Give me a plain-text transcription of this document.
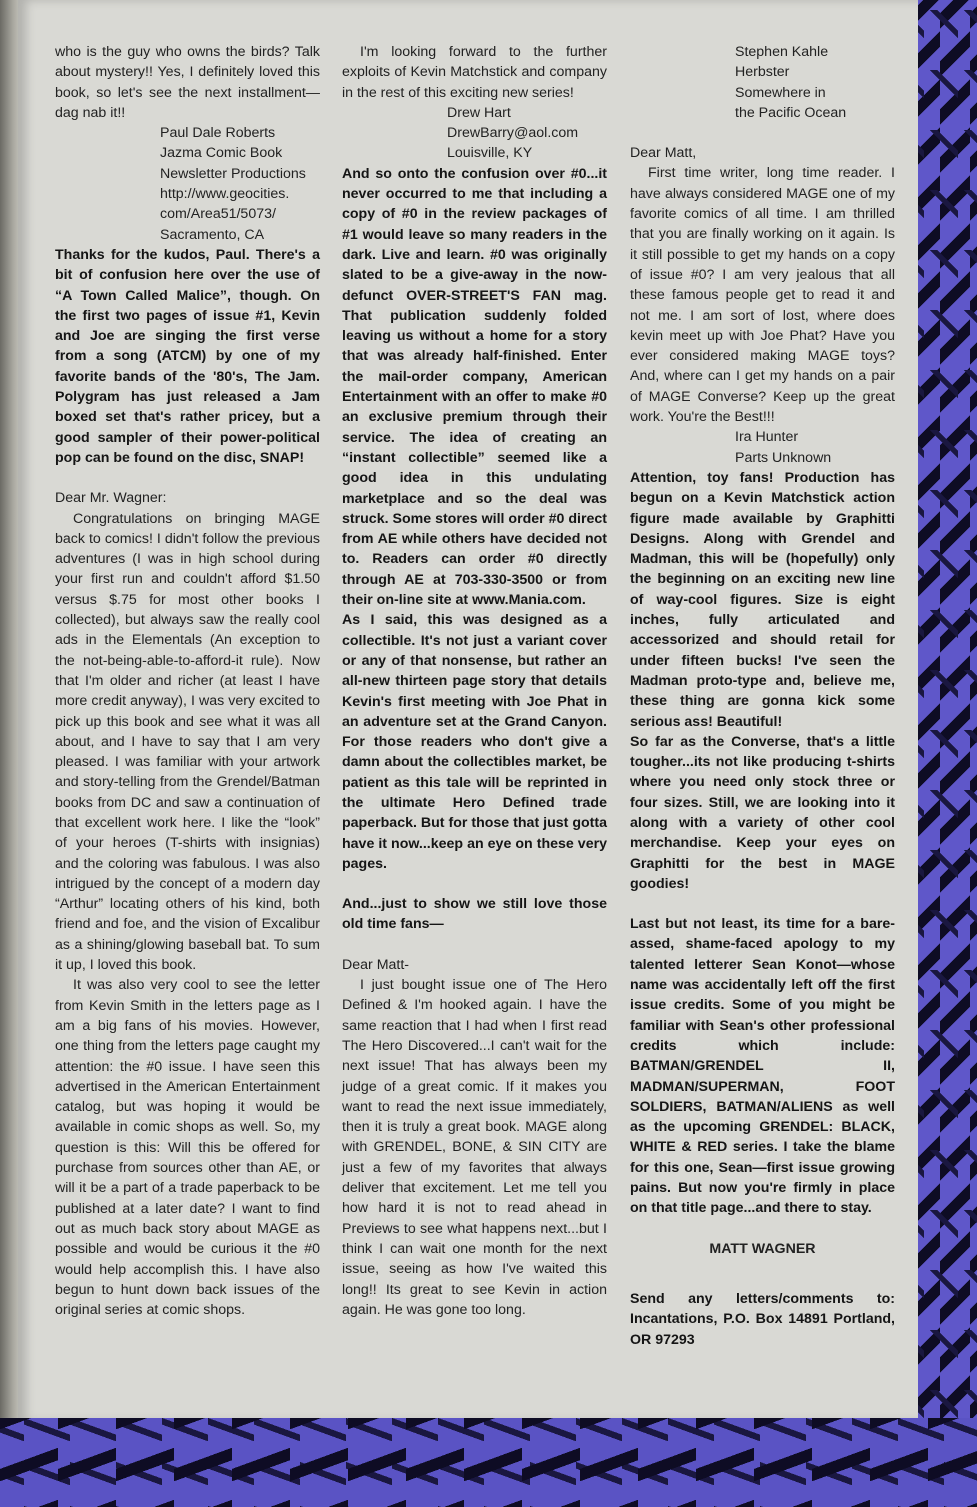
who is the guy who owns the birds? Talk about mystery!! Yes, I definitely loved this book, so let's see the next installment—dag nab it!!

Paul Dale Roberts

Jazma Comic Book

Newsletter Productions

http://www.geocities.

com/Area51/5073/

Sacramento, CA

Thanks for the kudos, Paul. There's a bit of confusion here over the use of “A Town Called Malice”, though. On the first two pages of issue #1, Kevin and Joe are singing the first verse from a song (ATCM) by one of my favorite bands of the '80's, The Jam. Polygram has just released a Jam boxed set that's rather pricey, but a good sampler of their power-political pop can be found on the disc, SNAP!

Dear Mr. Wagner:

Congratulations on bringing MAGE back to comics! I didn't follow the previous adventures (I was in high school during your first run and couldn't afford $1.50 versus $.75 for most other books I collected), but always saw the really cool ads in the Elementals (An exception to the not-being-able-to-afford-it rule). Now that I'm older and richer (at least I have more credit anyway), I was very excited to pick up this book and see what it was all about, and I have to say that I am very pleased. I was familiar with your artwork and story-telling from the Grendel/Batman books from DC and saw a continuation of that excellent work here. I like the “look” of your heroes (T-shirts with insignias) and the coloring was fabulous. I was also intrigued by the concept of a modern day “Arthur” locating others of his kind, both friend and foe, and the vision of Excalibur as a shining/glowing baseball bat. To sum it up, I loved this book.

It was also very cool to see the letter from Kevin Smith in the letters page as I am a big fans of his movies. However, one thing from the letters page caught my attention: the #0 issue. I have seen this advertised in the American Entertainment catalog, but was hoping it would be available in comic shops as well. So, my question is this: Will this be offered for purchase from sources other than AE, or will it be a part of a trade paperback to be published at a later date? I want to find out as much back story about MAGE as possible and would be curious it the #0 would help accomplish this. I have also begun to hunt down back issues of the original series at comic shops.

I'm looking forward to the further exploits of Kevin Matchstick and company in the rest of this exciting new series!

Drew Hart

DrewBarry@aol.com

Louisville, KY

And so onto the confusion over #0...it never occurred to me that including a copy of #0 in the review packages of #1 would leave so many readers in the dark. Live and learn. #0 was originally slated to be a give-away in the now-defunct OVER-STREET'S FAN mag. That publication suddenly folded leaving us without a home for a story that was already half-finished. Enter the mail-order company, American Entertainment with an offer to make #0 an exclusive premium through their service. The idea of creating an “instant collectible” seemed like a good idea in this undulating marketplace and so the deal was struck. Some stores will order #0 direct from AE while others have decided not to. Readers can order #0 directly through AE at 703-330-3500 or from their on-line site at www.Mania.com.

As I said, this was designed as a collectible. It's not just a variant cover or any of that nonsense, but rather an all-new thirteen page story that details Kevin's first meeting with Joe Phat in an adventure set at the Grand Canyon. For those readers who don't give a damn about the collectibles market, be patient as this tale will be reprinted in the ultimate Hero Defined trade paperback. But for those that just gotta have it now...keep an eye on these very pages.

And...just to show we still love those old time fans—

Dear Matt-

I just bought issue one of The Hero Defined & I'm hooked again. I have the same reaction that I had when I first read The Hero Discovered...I can't wait for the next issue! That has always been my judge of a great comic. If it makes you want to read the next issue immediately, then it is truly a great book. MAGE along with GRENDEL, BONE, & SIN CITY are just a few of my favorites that always deliver that excitement. Let me tell you how hard it is not to read ahead in Previews to see what happens next...but I think I can wait one month for the next issue, seeing as how I've waited this long!! Its great to see Kevin in action again. He was gone too long.

Stephen Kahle

Herbster

Somewhere in

the Pacific Ocean

Dear Matt,

First time writer, long time reader. I have always considered MAGE one of my favorite comics of all time. I am thrilled that you are finally working on it again. Is it still possible to get my hands on a copy of issue #0? I am very jealous that all these famous people get to read it and not me. I am sort of lost, where does kevin meet up with Joe Phat? Have you ever considered making MAGE toys? And, where can I get my hands on a pair of MAGE Converse? Keep up the great work. You're the Best!!!

Ira Hunter

Parts Unknown

Attention, toy fans! Production has begun on a Kevin Matchstick action figure made available by Graphitti Designs. Along with Grendel and Madman, this will be (hopefully) only the beginning on an exciting new line of way-cool figures. Size is eight inches, fully articulated and accessorized and should retail for under fifteen bucks! I've seen the Madman proto-type and, believe me, these thing are gonna kick some serious ass! Beautiful!

So far as the Converse, that's a little tougher...its not like producing t-shirts where you need only stock three or four sizes. Still, we are looking into it along with a variety of other cool merchandise. Keep your eyes on Graphitti for the best in MAGE goodies!

Last but not least, its time for a bare-assed, shame-faced apology to my talented letterer Sean Konot—whose name was accidentally left off the first issue credits. Some of you might be familiar with Sean's other professional credits which include: BATMAN/GRENDEL II, MADMAN/SUPERMAN, FOOT SOLDIERS, BATMAN/ALIENS as well as the upcoming GRENDEL: BLACK, WHITE & RED series. I take the blame for this one, Sean—first issue growing pains. But now you're firmly in place on that title page...and there to stay.

MATT WAGNER

Send any letters/comments to: Incantations, P.O. Box 14891 Portland, OR 97293
